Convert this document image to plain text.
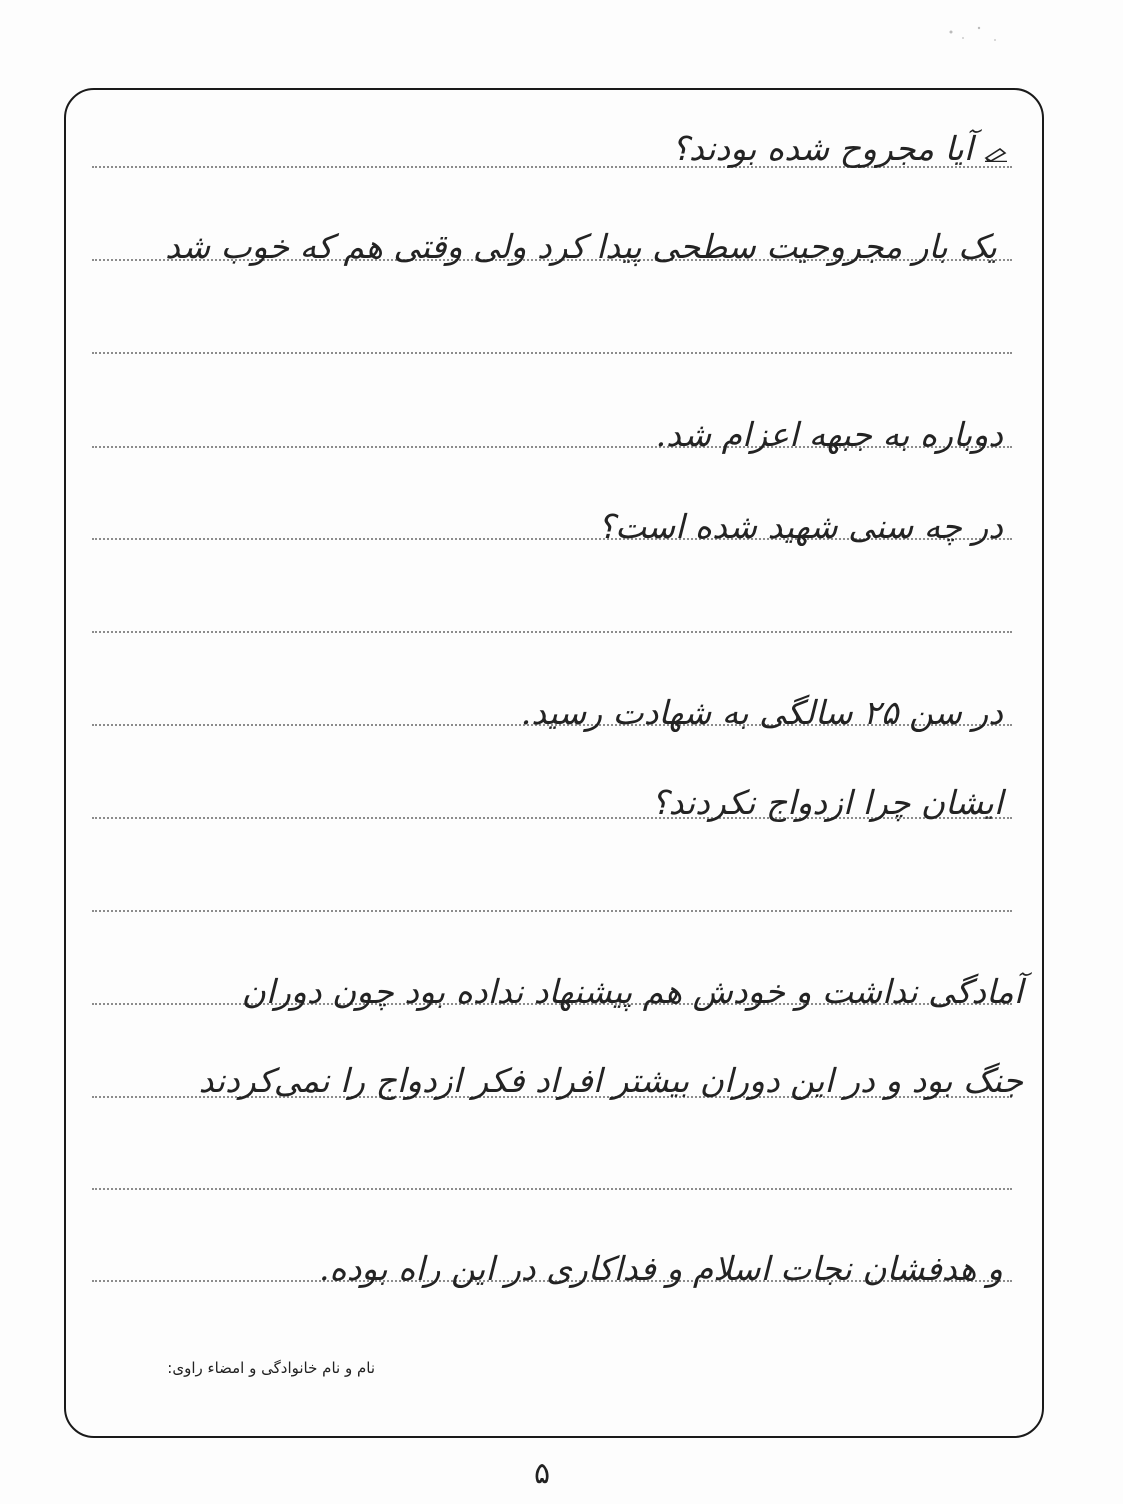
آیا مجروح شده بودند؟
یک بار مجروحیت سطحی پیدا کرد ولی وقتی هم که خوب شد
دوباره به جبهه اعزام شد.
در چه سنی شهید شده است؟
در سن ۲۵ سالگی به شهادت رسید.
ایشان چرا ازدواج نکردند؟
آمادگی نداشت و خودش هم پیشنهاد نداده بود چون دوران
جنگ بود و در این دوران بیشتر افراد فکر ازدواج را نمی‌کردند
و هدفشان نجات اسلام و فداکاری در این راه بوده.
نام و نام خانوادگی و امضاء راوی:
۵
